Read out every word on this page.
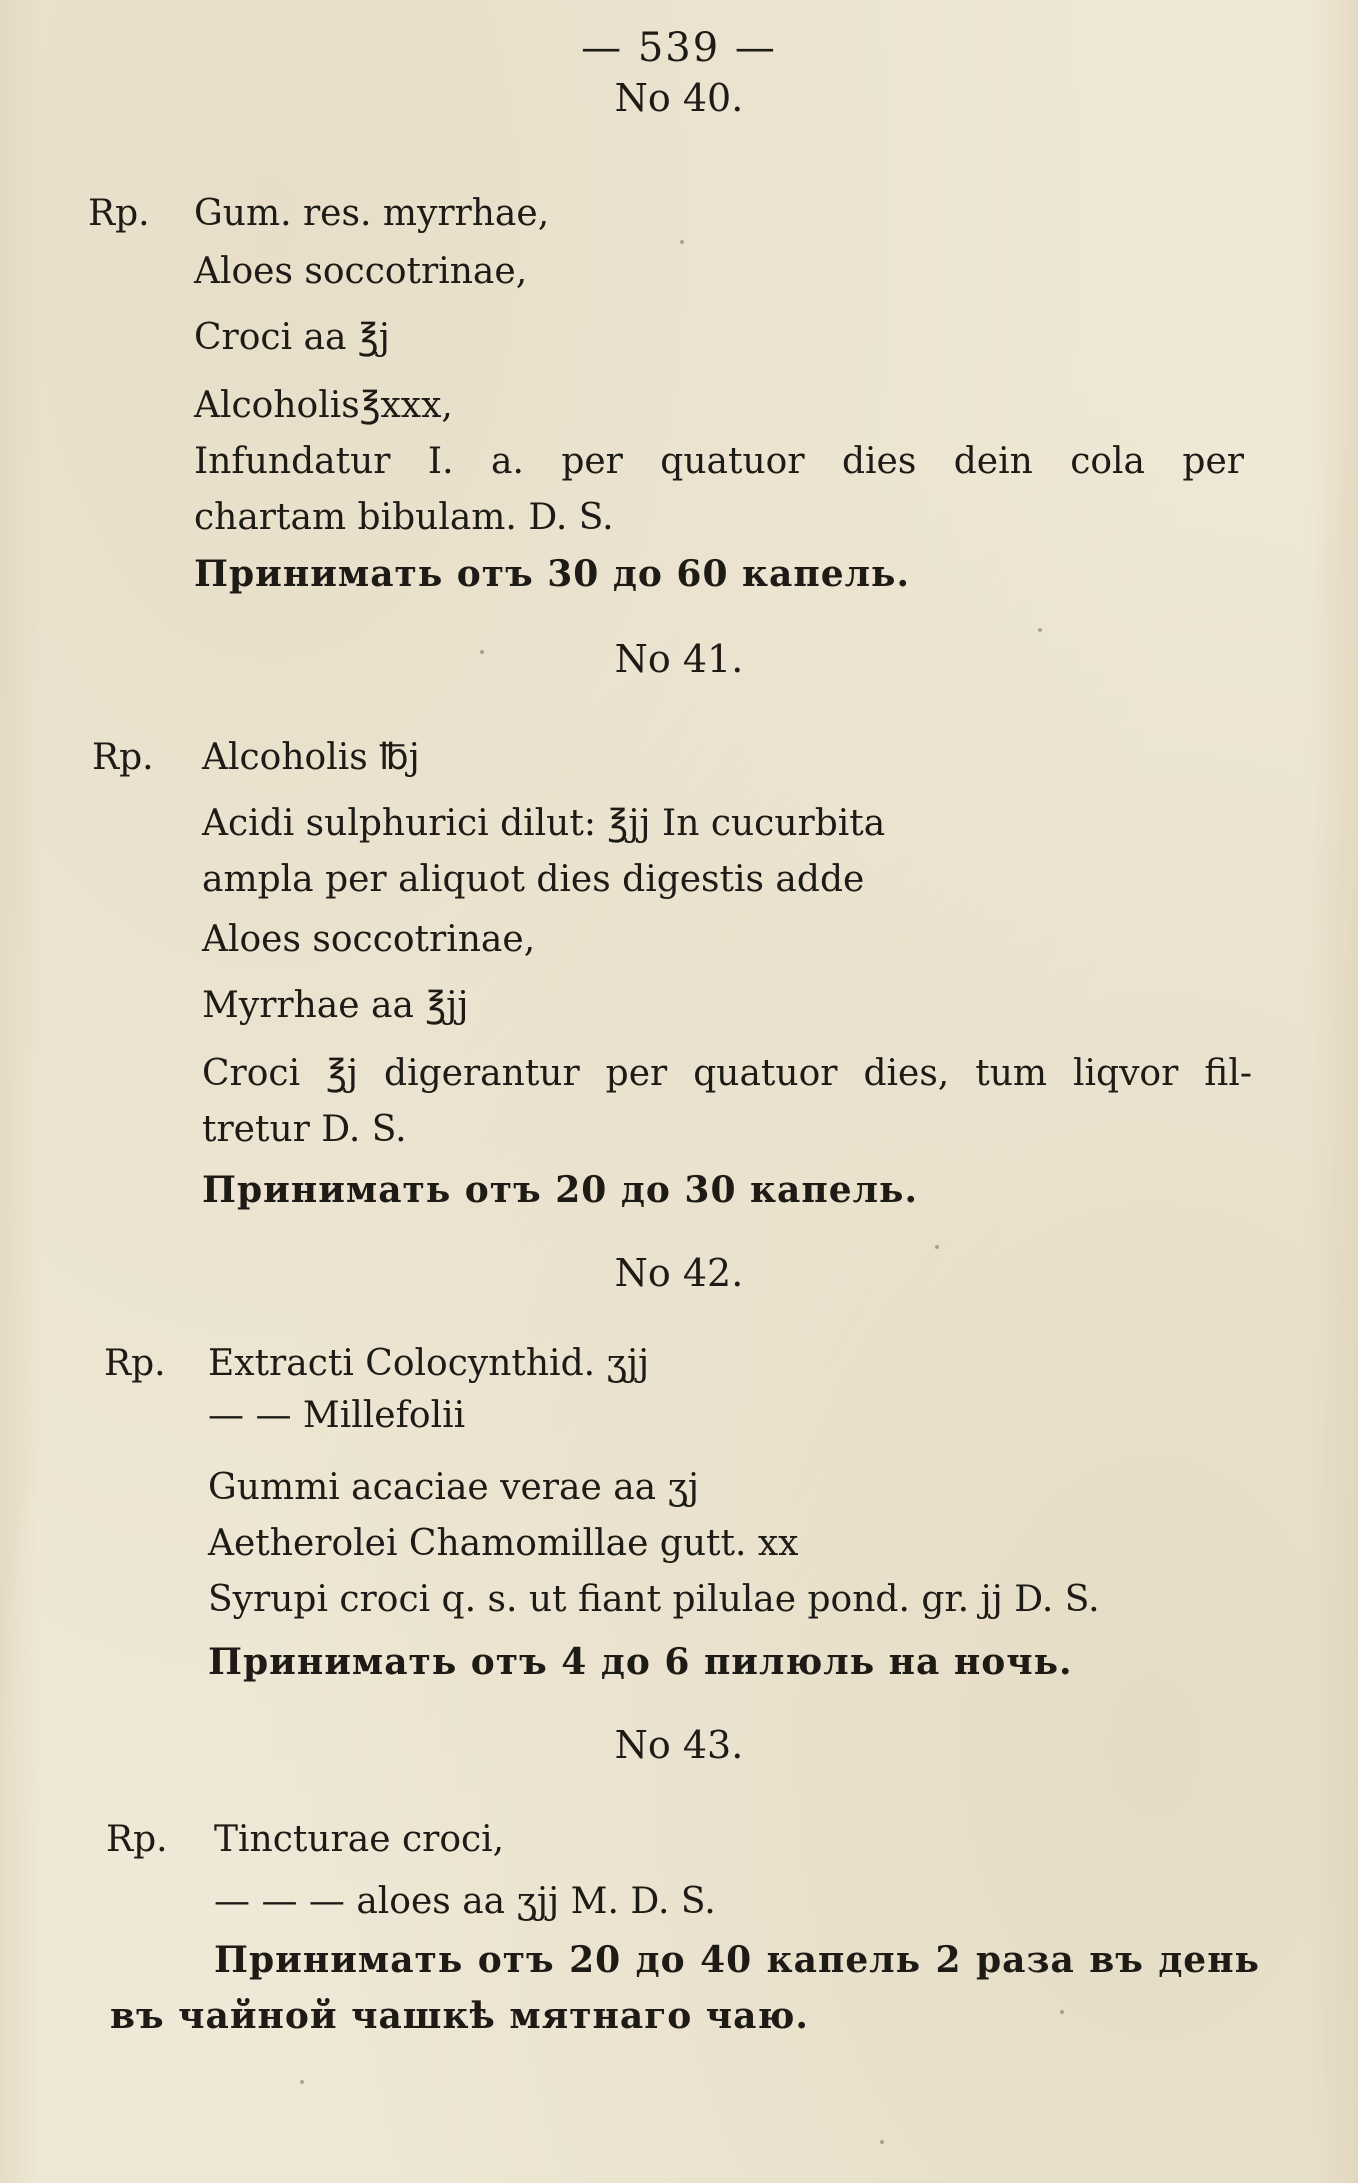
— 539 —
No 40.
Rp. Gum. res. myrrhae,
Aloes soccotrinae,
Croci aa ℥j
Alcoholis℥xxx,
Infundatur I. a. per quatuor dies dein cola per
chartam bibulam. D. S.
Принимать отъ 30 до 60 капель.
No 41.
Rp. Alcoholis ℔j
Acidi sulphurici dilut: ℥jj In cucurbita
ampla per aliquot dies digestis adde
Aloes soccotrinae,
Myrrhae aa ℥jj
Croci ℥j digerantur per quatuor dies, tum liqvor fil-
tretur D. S.
Принимать отъ 20 до 30 капель.
No 42.
Rp. Extracti Colocynthid. ʒjj
— — Millefolii
Gummi acaciae verae aa ʒj
Aetherolei Chamomillae gutt. xx
Syrupi croci q. s. ut fiant pilulae pond. gr. jj D. S.
Принимать отъ 4 до 6 пилюль на ночь.
No 43.
Rp. Tincturae croci,
— — — aloes aa ʒjj M. D. S.
Принимать отъ 20 до 40 капель 2 раза въ день
въ чайной чашкѣ мятнаго чаю.
